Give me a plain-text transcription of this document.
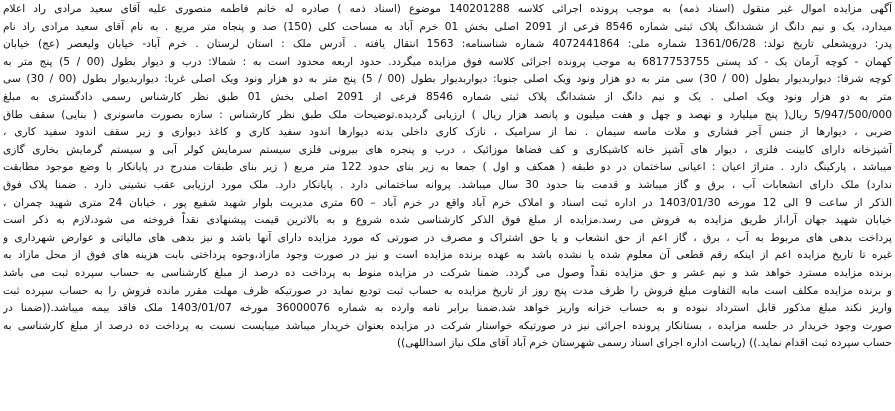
آگهی مزایده اموال غیر منقول (اسناد ذمه) به موجب پرونده اجرائی کلاسه 140201288 موضوع (اسناد ذمه ) صادره له خانم فاطمه منصوری علیه آقای سعید مرادی راد اعلام
میدارد، یک و نیم دانگ از ششدانگ پلاک ثبتی شماره 8546 فرعی از 2091 اصلی بخش 01 خرم آباد به مساحت کلی (150) صد و پنجاه متر مربع . به نام آقای سعید مرادی راد نام
پدر: درویشعلی تاریخ تولد: 1361/06/28 شماره ملی: 4072441864 شماره شناسنامه: 1563 انتقال یافته . آدرس ملک : استان لرستان . خرم آباد- خیابان ولیعصر (عج) خیابان
کهمان - کوچه آرمان یک - کد پستی 6817753755 به موجب پرونده اجرائی کلاسه فوق مزایده میگردد. حدود اربعه محدود است به : شمالا: درب و دیوار بطول (00 / 5) پنج متر به
کوچه شرقا: دیواربدیوار بطول (00 / 30) سی متر به دو هزار ونود ویک اصلی جنوبا: دیواربدیوار بطول (00 / 5) پنج متر به دو هزار ونود ویک اصلی غربا: دیواربدیوار بطول (00 / 30) سی
متر به دو هزار ونود ویک اصلی . یک و نیم دانگ از ششدانگ پلاک ثبتی شماره 8546 فرعی از 2091 اصلی بخش 01 طبق نظر کارشناس رسمی دادگستری به مبلغ
5/947/500/000 ریال( پنج میلیارد و نهصد و چهل و هفت میلیون و پانصد هزار ریال ) ارزیابی گردیده.توضیحات ملک طبق نظر کارشناس : سازه بصورت ماسونری ( بنایی) سقف طاق
ضربی ، دیوارها از جنس آجر فشاری و ملات ماسه سیمان . نما از سرامیک ، نازک کاری داخلی بدنه دیوارها اندود سفید کاری و کاغذ دیواری و زیر سقف اندود سفید کاری ،
آشپزخانه دارای کابینت فلزی ، دیوار های آشپز خانه کاشیکاری و کف فضاها موزائیک ، درب و پنجره های بیرونی فلزی سیستم سرمایش کولر آبی و سیستم گرمایش بخاری گازی
میباشد ، پارکینگ دارد . متراژ اعیان : اعیانی ساختمان در دو طبقه ( همکف و اول ) جمعا به زیر بنای حدود 122 متر مربع ( زیر بنای طبقات مندرج در پایانکار با وضع موجود مطابقت
ندارد) ملک دارای انشعابات آب ، برق و گاز میباشد و قدمت بنا حدود 30 سال میباشد. پروانه ساختمانی دارد . پایانکار دارد. ملک مورد ارزیابی عقب نشینی دارد . ضمنا پلاک فوق
الذکر از ساعت 9 الی 12 مورخه 1403/01/30 در اداره ثبت اسناد و املاک خرم آباد واقع در خرم آباد – 60 متری مدیریت بلوار شهید شفیع پور ، خیابان 24 متری شهید چمران ،
خیابان شهید جهان آرا،از طریق مزایده به فروش می رسد.مزایده از مبلغ فوق الذکر کارشناسی شده شروع و به بالاترین قیمت پیشنهادی نقداً فروخته می شود،لازم به ذکر است
پرداخت بدهی های مربوط به آب ، برق ، گاز اعم از حق انشعاب و یا حق اشتراک و مصرف در صورتی که مورد مزایده دارای آنها باشد و نیز بدهی های مالیاتی و عوارض شهرداری و
غیره تا تاریخ مزایده اعم از اینکه رقم قطعی آن معلوم شده یا نشده باشد به عهده برنده مزایده است و نیز در صورت وجود مازاد،وجوه پرداختی بابت هزینه های فوق از محل مازاد به
برنده مزایده مسترد خواهد شد و نیم عشر و حق مزایده نقداً وصول می گردد. ضمنا شرکت در مزایده منوط به پرداخت ده درصد از مبلغ کارشناسی به حساب سپرده ثبت می باشد
و برنده مزایده مکلف است مابه التفاوت مبلغ فروش را ظرف مدت پنج روز از تاریخ مزایده به حساب ثبت تودیع نماید در صورتیکه ظرف مهلت مقرر مانده فروش را به حساب سپرده ثبت
واریز نکند مبلغ مذکور قابل استرداد نبوده و به حساب خزانه واریز خواهد شد.ضمنا برابر نامه وارده به شماره 36000076 مورخه 1403/01/07 ملک فاقد بیمه میباشد.((ضمنا در
صورت وجود خریدار در جلسه مزایده ، بستانکار پرونده اجرائی نیز در صورتیکه خواستار شرکت در مزایده بعنوان خریدار میباشد میبایست نسبت به پرداخت ده درصد از مبلغ کارشناسی به
حساب سپرده ثبت اقدام نماید.)) (رياست اداره اجرای اسناد رسمی شهرستان خرم آباد آقای ملک نیاز اسداللهی))
